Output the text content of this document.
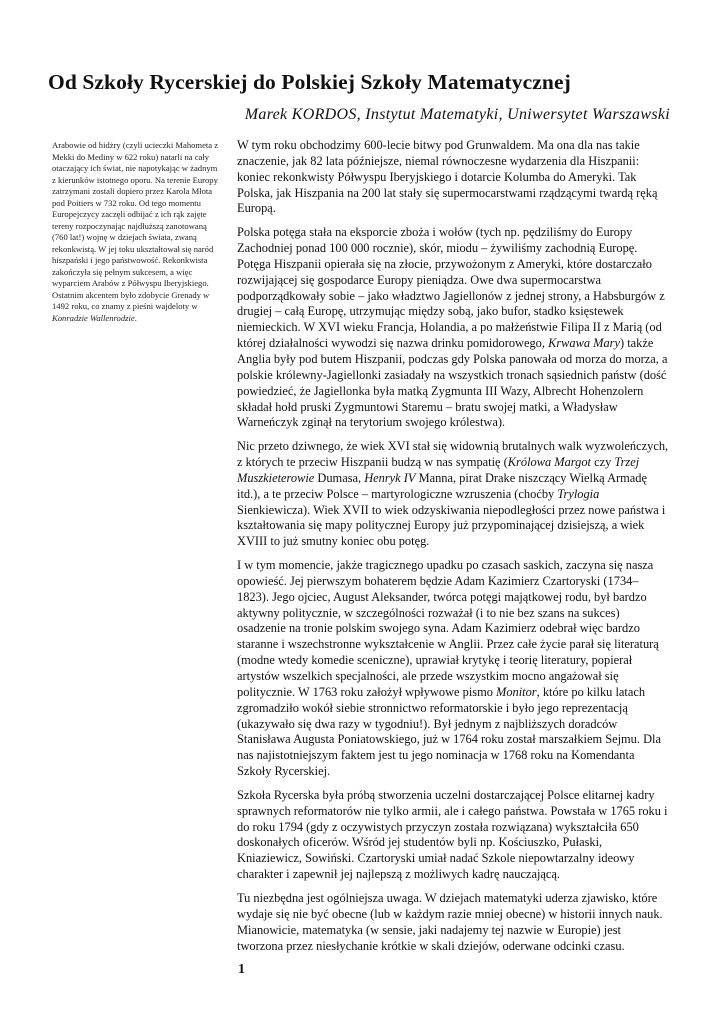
Od Szkoły Rycerskiej do Polskiej Szkoły Matematycznej
Marek KORDOS, Instytut Matematyki, Uniwersytet Warszawski

Arabowie od hidżry (czyli ucieczki Mahometa z Mekki do Mediny w 622 roku) natarli na cały otaczający ich świat, nie napotykając w żadnym z kierunków istotnego oporu. Na terenie Europy zatrzymani zostali dopiero przez Karola Młota pod Poitiers w 732 roku. Od tego momentu Europejczycy zaczęli odbijać z ich rąk zajęte tereny rozpoczynając najdłuższą zanotowaną (760 lat!) wojnę w dziejach świata, zwaną rekonkwistą. W jej toku ukształtował się naród hiszpański i jego państwowość. Rekonkwista zakończyła się pełnym sukcesem, a więc wyparciem Arabów z Półwyspu Iberyjskiego. Ostatnim akcentem było zdobycie Grenady w 1492 roku, co znamy z pieśni wajdeloty w Konradzie Wallenrodzie.

W tym roku obchodzimy 600-lecie bitwy pod Grunwaldem. Ma ona dla nas takie znaczenie, jak 82 lata późniejsze, niemal równoczesne wydarzenia dla Hiszpanii: koniec rekonkwisty Półwyspu Iberyjskiego i dotarcie Kolumba do Ameryki. Tak Polska, jak Hiszpania na 200 lat stały się supermocarstwami rządzącymi twardą ręką Europą.

Polska potęga stała na eksporcie zboża i wołów (tych np. pędziliśmy do Europy Zachodniej ponad 100 000 rocznie), skór, miodu – żywiliśmy zachodnią Europę. Potęga Hiszpanii opierała się na złocie, przywożonym z Ameryki, które dostarczało rozwijającej się gospodarce Europy pieniądza. Owe dwa supermocarstwa podporządkowały sobie – jako władztwo Jagiellonów z jednej strony, a Habsburgów z drugiej – całą Europę, utrzymując między sobą, jako bufor, stadko księstewek niemieckich. W XVI wieku Francja, Holandia, a po małżeństwie Filipa II z Marią (od której działalności wywodzi się nazwa drinku pomidorowego, Krwawa Mary) także Anglia były pod butem Hiszpanii, podczas gdy Polska panowała od morza do morza, a polskie królewny-Jagiellonki zasiadały na wszystkich tronach sąsiednich państw (dość powiedzieć, że Jagiellonka była matką Zygmunta III Wazy, Albrecht Hohenzolern składał hołd pruski Zygmuntowi Staremu – bratu swojej matki, a Władysław Warneńczyk zginął na terytorium swojego królestwa).

Nic przeto dziwnego, że wiek XVI stał się widownią brutalnych walk wyzwoleńczych, z których te przeciw Hiszpanii budzą w nas sympatię (Królowa Margot czy Trzej Muszkieterowie Dumasa, Henryk IV Manna, pirat Drake niszczący Wielką Armadę itd.), a te przeciw Polsce – martyrologiczne wzruszenia (choćby Trylogia Sienkiewicza). Wiek XVII to wiek odzyskiwania niepodległości przez nowe państwa i kształtowania się mapy politycznej Europy już przypominającej dzisiejszą, a wiek XVIII to już smutny koniec obu potęg.

I w tym momencie, jakże tragicznego upadku po czasach saskich, zaczyna się nasza opowieść. Jej pierwszym bohaterem będzie Adam Kazimierz Czartoryski (1734–1823). Jego ojciec, August Aleksander, twórca potęgi majątkowej rodu, był bardzo aktywny politycznie, w szczególności rozważał (i to nie bez szans na sukces) osadzenie na tronie polskim swojego syna. Adam Kazimierz odebrał więc bardzo staranne i wszechstronne wykształcenie w Anglii. Przez całe życie parał się literaturą (modne wtedy komedie sceniczne), uprawiał krytykę i teorię literatury, popierał artystów wszelkich specjalności, ale przede wszystkim mocno angażował się politycznie. W 1763 roku założył wpływowe pismo Monitor, które po kilku latach zgromadziło wokół siebie stronnictwo reformatorskie i było jego reprezentacją (ukazywało się dwa razy w tygodniu!). Był jednym z najbliższych doradców Stanisława Augusta Poniatowskiego, już w 1764 roku został marszałkiem Sejmu. Dla nas najistotniejszym faktem jest tu jego nominacja w 1768 roku na Komendanta Szkoły Rycerskiej.

Szkoła Rycerska była próbą stworzenia uczelni dostarczającej Polsce elitarnej kadry sprawnych reformatorów nie tylko armii, ale i całego państwa. Powstała w 1765 roku i do roku 1794 (gdy z oczywistych przyczyn została rozwiązana) wykształciła 650 doskonałych oficerów. Wśród jej studentów byli np. Kościuszko, Pułaski, Kniaziewicz, Sowiński. Czartoryski umiał nadać Szkole niepowtarzalny ideowy charakter i zapewnił jej najlepszą z możliwych kadrę nauczającą.

Tu niezbędna jest ogólniejsza uwaga. W dziejach matematyki uderza zjawisko, które wydaje się nie być obecne (lub w każdym razie mniej obecne) w historii innych nauk. Mianowicie, matematyka (w sensie, jaki nadajemy tej nazwie w Europie) jest tworzona przez niesłychanie krótkie w skali dziejów, oderwane odcinki czasu.

1
